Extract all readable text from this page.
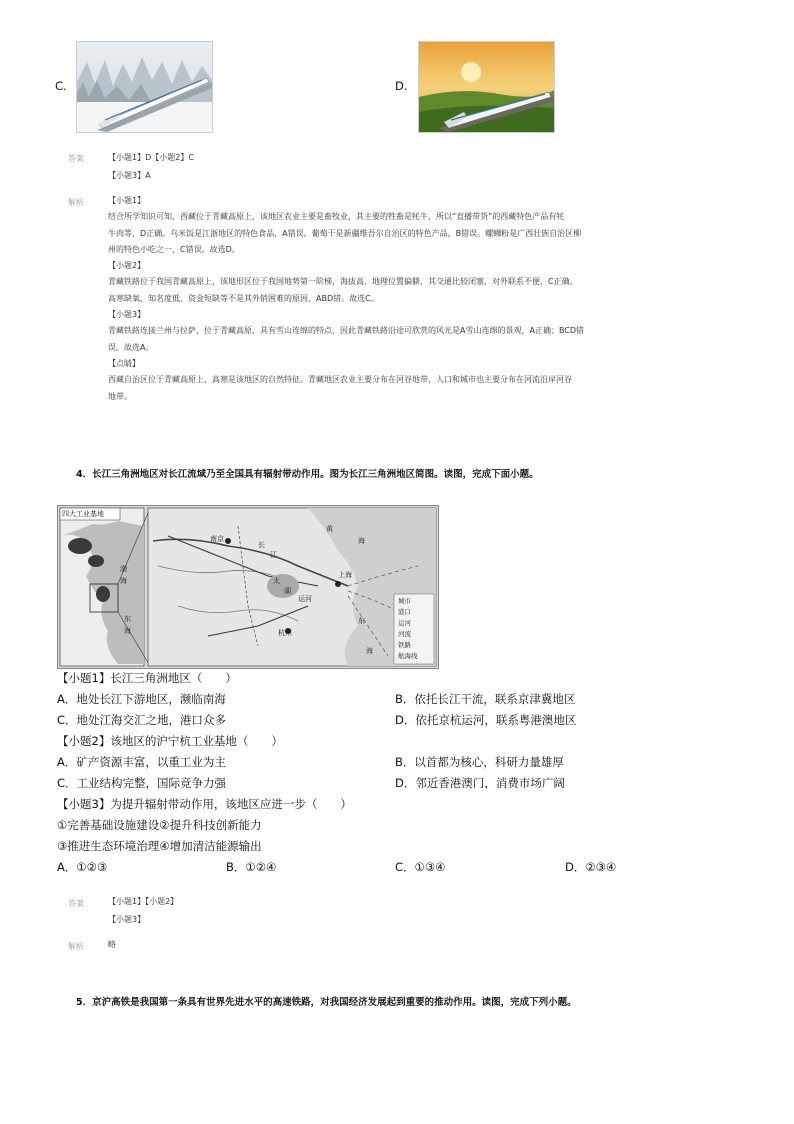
C.	D.
答案	【小题1】D【小题2】C
【小题3】A
解析	【小题1】
结合所学知识可知，西藏位于青藏高原上，该地区农业主要是畜牧业，其主要的牲畜是牦牛，所以“直播带货”的西藏特色产品有牦
牛肉等，D正确。乌米饭是江浙地区的特色食品，A错误。葡萄干是新疆维吾尔自治区的特色产品，B错误。螺蛳粉是广西壮族自治区柳
州的特色小吃之一，C错误。故选D。
【小题2】
青藏铁路位于我国青藏高原上，该地形区位于我国地势第一阶梯，海拔高，地理位置偏僻，其交通比较闭塞，对外联系不便，C正确。
高寒缺氧、知名度低、资金短缺等不是其外销困难的原因，ABD错。故选C。
【小题3】
青藏铁路连接兰州与拉萨，位于青藏高原，具有雪山连绵的特点，因此青藏铁路沿途可欣赏的风光是A雪山连绵的景观，A正确；BCD错
误。故选A。
【点睛】
西藏自治区位于青藏高原上，高寒是该地区的自然特征。青藏地区农业主要分布在河谷地带，人口和城市也主要分布在河流沿岸河谷
地带。
4．长江三角洲地区对长江流域乃至全国具有辐射带动作用。图为长江三角洲地区简图。读图，完成下面小题。
四大工业基地
渤
海
东
海
南京
长
江
黄
海
太
湖
上海
杭州
东
海
运河	城市
港口
运河
河流
铁路
航海线
【小题1】长江三角洲地区（　　）
A．地处长江下游地区，濒临南海	B．依托长江干流，联系京津冀地区
C．地处江海交汇之地，港口众多	D．依托京杭运河，联系粤港澳地区
【小题2】该地区的沪宁杭工业基地（　　）
A．矿产资源丰富，以重工业为主	B．以首都为核心，科研力量雄厚
C．工业结构完整，国际竞争力强	D．邻近香港澳门，消费市场广阔
【小题3】为提升辐射带动作用，该地区应进一步（　　）
①完善基础设施建设②提升科技创新能力
③推进生态环境治理④增加清洁能源输出
A．①②③	B．①②④	C．①③④	D．②③④
答案	【小题1】【小题2】
【小题3】
解析	略
5．京沪高铁是我国第一条具有世界先进水平的高速铁路，对我国经济发展起到重要的推动作用。读图，完成下列小题。
